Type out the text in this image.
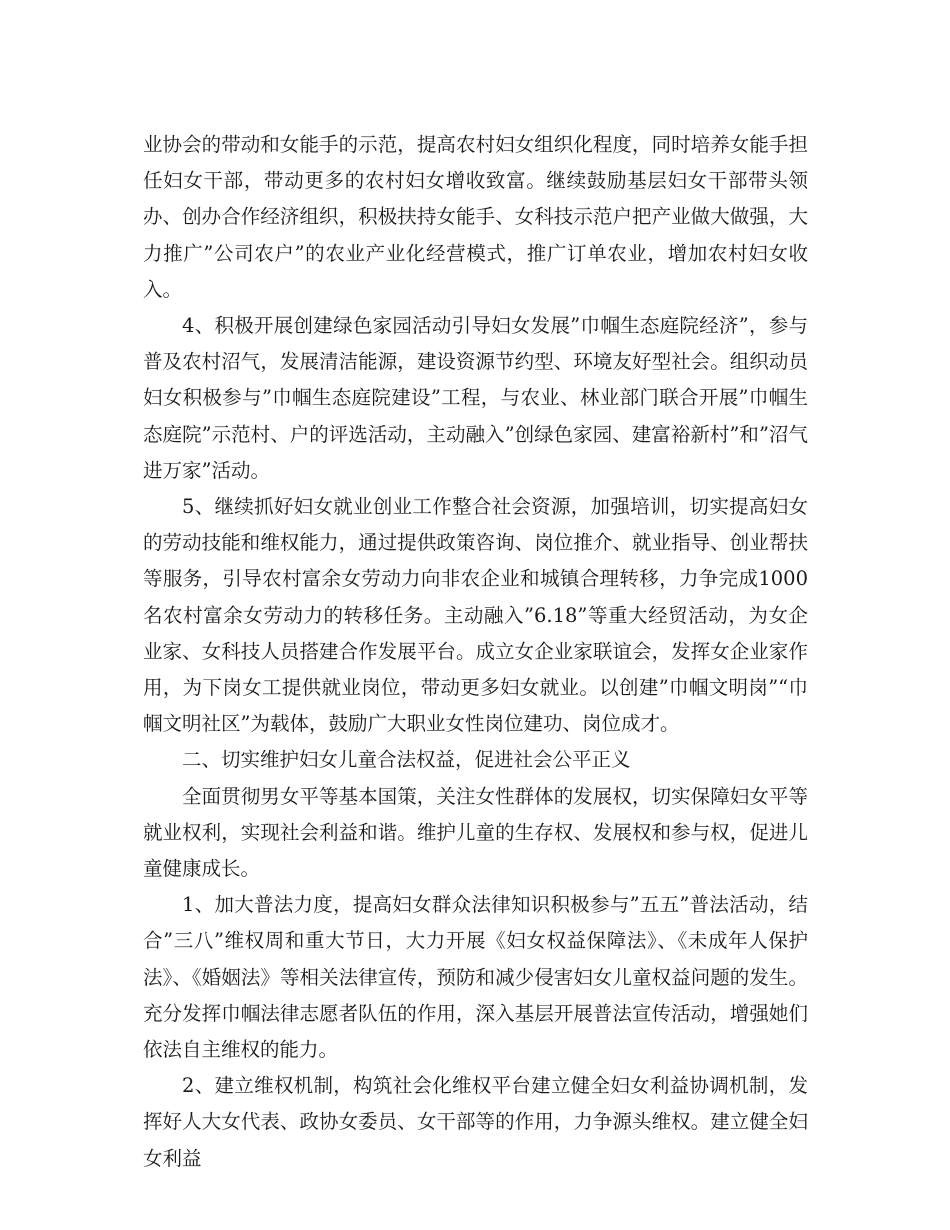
业协会的带动和女能手的示范，提高农村妇女组织化程度，同时培养女能手担任妇女干部，带动更多的农村妇女增收致富。继续鼓励基层妇女干部带头领办、创办合作经济组织，积极扶持女能手、女科技示范户把产业做大做强，大力推广”公司农户”的农业产业化经营模式，推广订单农业，增加农村妇女收入。

4、积极开展创建绿色家园活动引导妇女发展”巾帼生态庭院经济”，参与普及农村沼气，发展清洁能源，建设资源节约型、环境友好型社会。组织动员妇女积极参与”巾帼生态庭院建设”工程，与农业、林业部门联合开展”巾帼生态庭院”示范村、户的评选活动，主动融入”创绿色家园、建富裕新村”和”沼气进万家”活动。

5、继续抓好妇女就业创业工作整合社会资源，加强培训，切实提高妇女的劳动技能和维权能力，通过提供政策咨询、岗位推介、就业指导、创业帮扶等服务，引导农村富余女劳动力向非农企业和城镇合理转移，力争完成1000名农村富余女劳动力的转移任务。主动融入”6.18”等重大经贸活动，为女企业家、女科技人员搭建合作发展平台。成立女企业家联谊会，发挥女企业家作用，为下岗女工提供就业岗位，带动更多妇女就业。以创建”巾帼文明岗”“巾帼文明社区”为载体，鼓励广大职业女性岗位建功、岗位成才。

二、切实维护妇女儿童合法权益，促进社会公平正义

全面贯彻男女平等基本国策，关注女性群体的发展权，切实保障妇女平等就业权利，实现社会利益和谐。维护儿童的生存权、发展权和参与权，促进儿童健康成长。

1、加大普法力度，提高妇女群众法律知识积极参与”五五”普法活动，结合”三八”维权周和重大节日，大力开展《妇女权益保障法》、《未成年人保护法》、《婚姻法》等相关法律宣传，预防和减少侵害妇女儿童权益问题的发生。充分发挥巾帼法律志愿者队伍的作用，深入基层开展普法宣传活动，增强她们依法自主维权的能力。

2、建立维权机制，构筑社会化维权平台建立健全妇女利益协调机制，发挥好人大女代表、政协女委员、女干部等的作用，力争源头维权。建立健全妇女利益
